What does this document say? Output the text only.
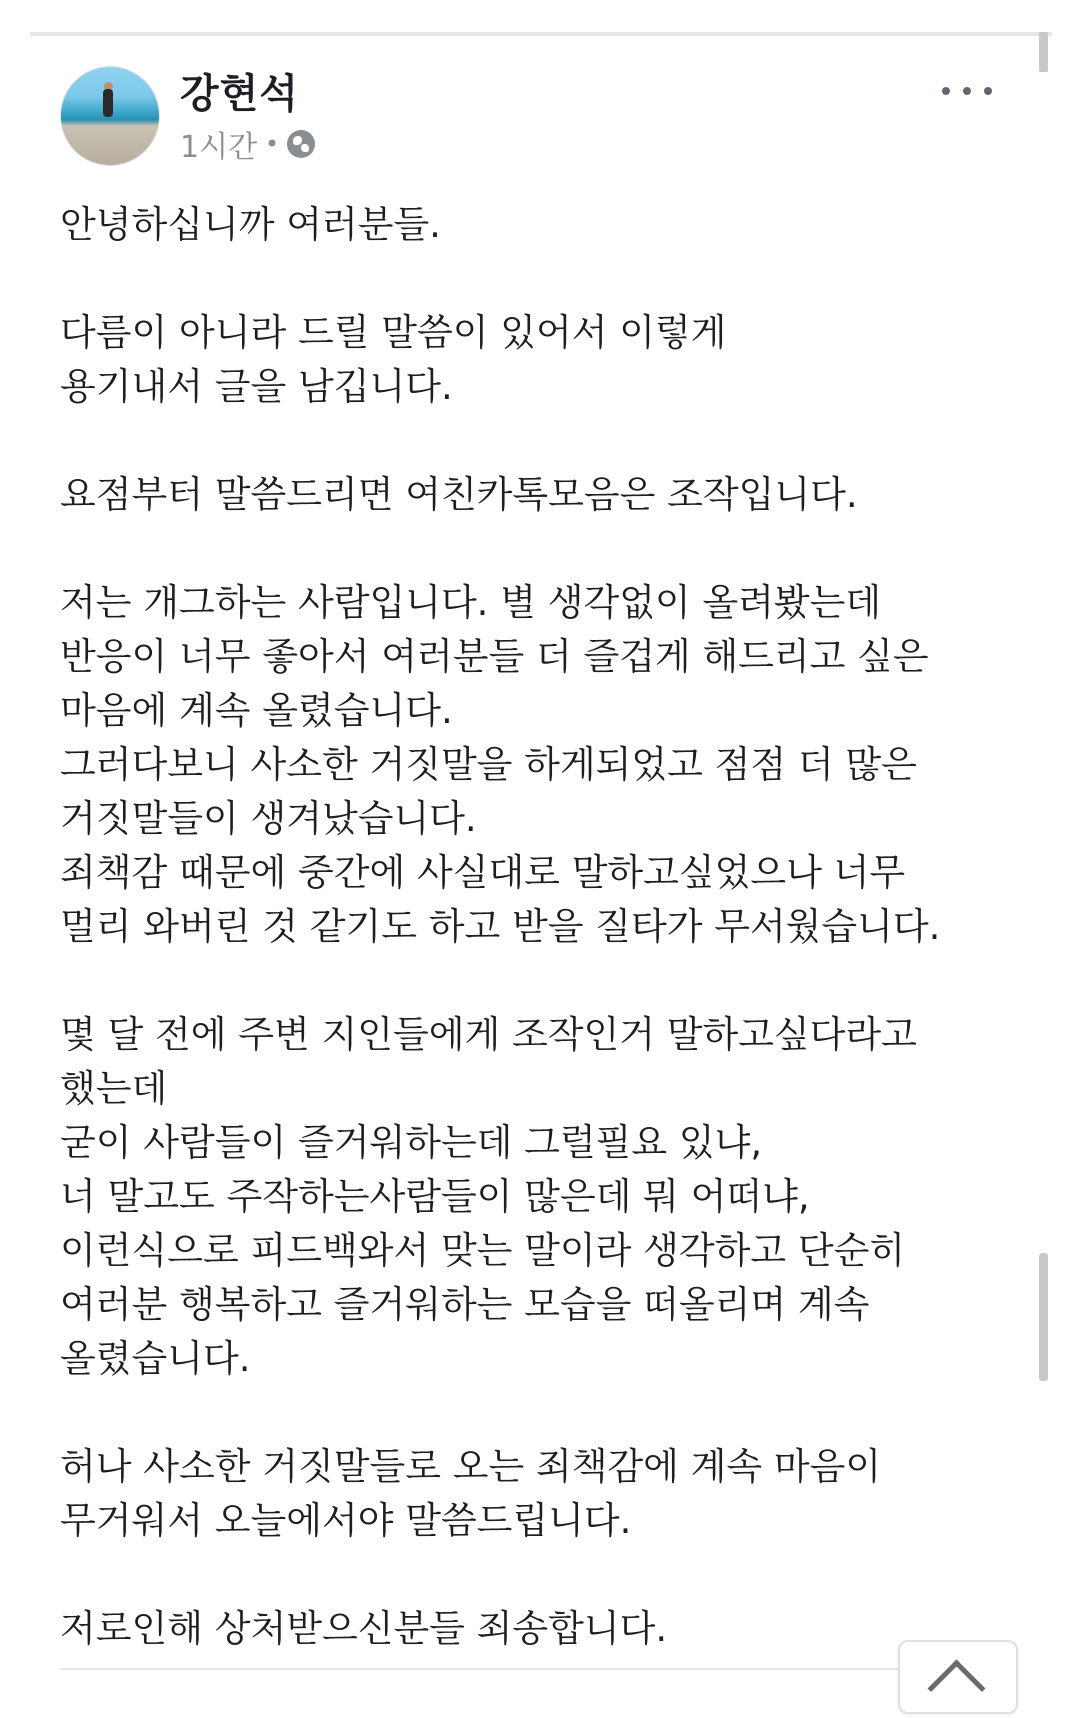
강현석
1시간 •
안녕하십니까 여러분들.
다름이 아니라 드릴 말씀이 있어서 이렇게
용기내서 글을 남깁니다.
요점부터 말씀드리면 여친카톡모음은 조작입니다.
저는 개그하는 사람입니다. 별 생각없이 올려봤는데
반응이 너무 좋아서 여러분들 더 즐겁게 해드리고 싶은
마음에 계속 올렸습니다.
그러다보니 사소한 거짓말을 하게되었고 점점 더 많은
거짓말들이 생겨났습니다.
죄책감 때문에 중간에 사실대로 말하고싶었으나 너무
멀리 와버린 것 같기도 하고 받을 질타가 무서웠습니다.
몇 달 전에 주변 지인들에게 조작인거 말하고싶다라고
했는데
굳이 사람들이 즐거워하는데 그럴필요 있냐,
너 말고도 주작하는사람들이 많은데 뭐 어떠냐,
이런식으로 피드백와서 맞는 말이라 생각하고 단순히
여러분 행복하고 즐거워하는 모습을 떠올리며 계속
올렸습니다.
허나 사소한 거짓말들로 오는 죄책감에 계속 마음이
무거워서 오늘에서야 말씀드립니다.
저로인해 상처받으신분들 죄송합니다.
